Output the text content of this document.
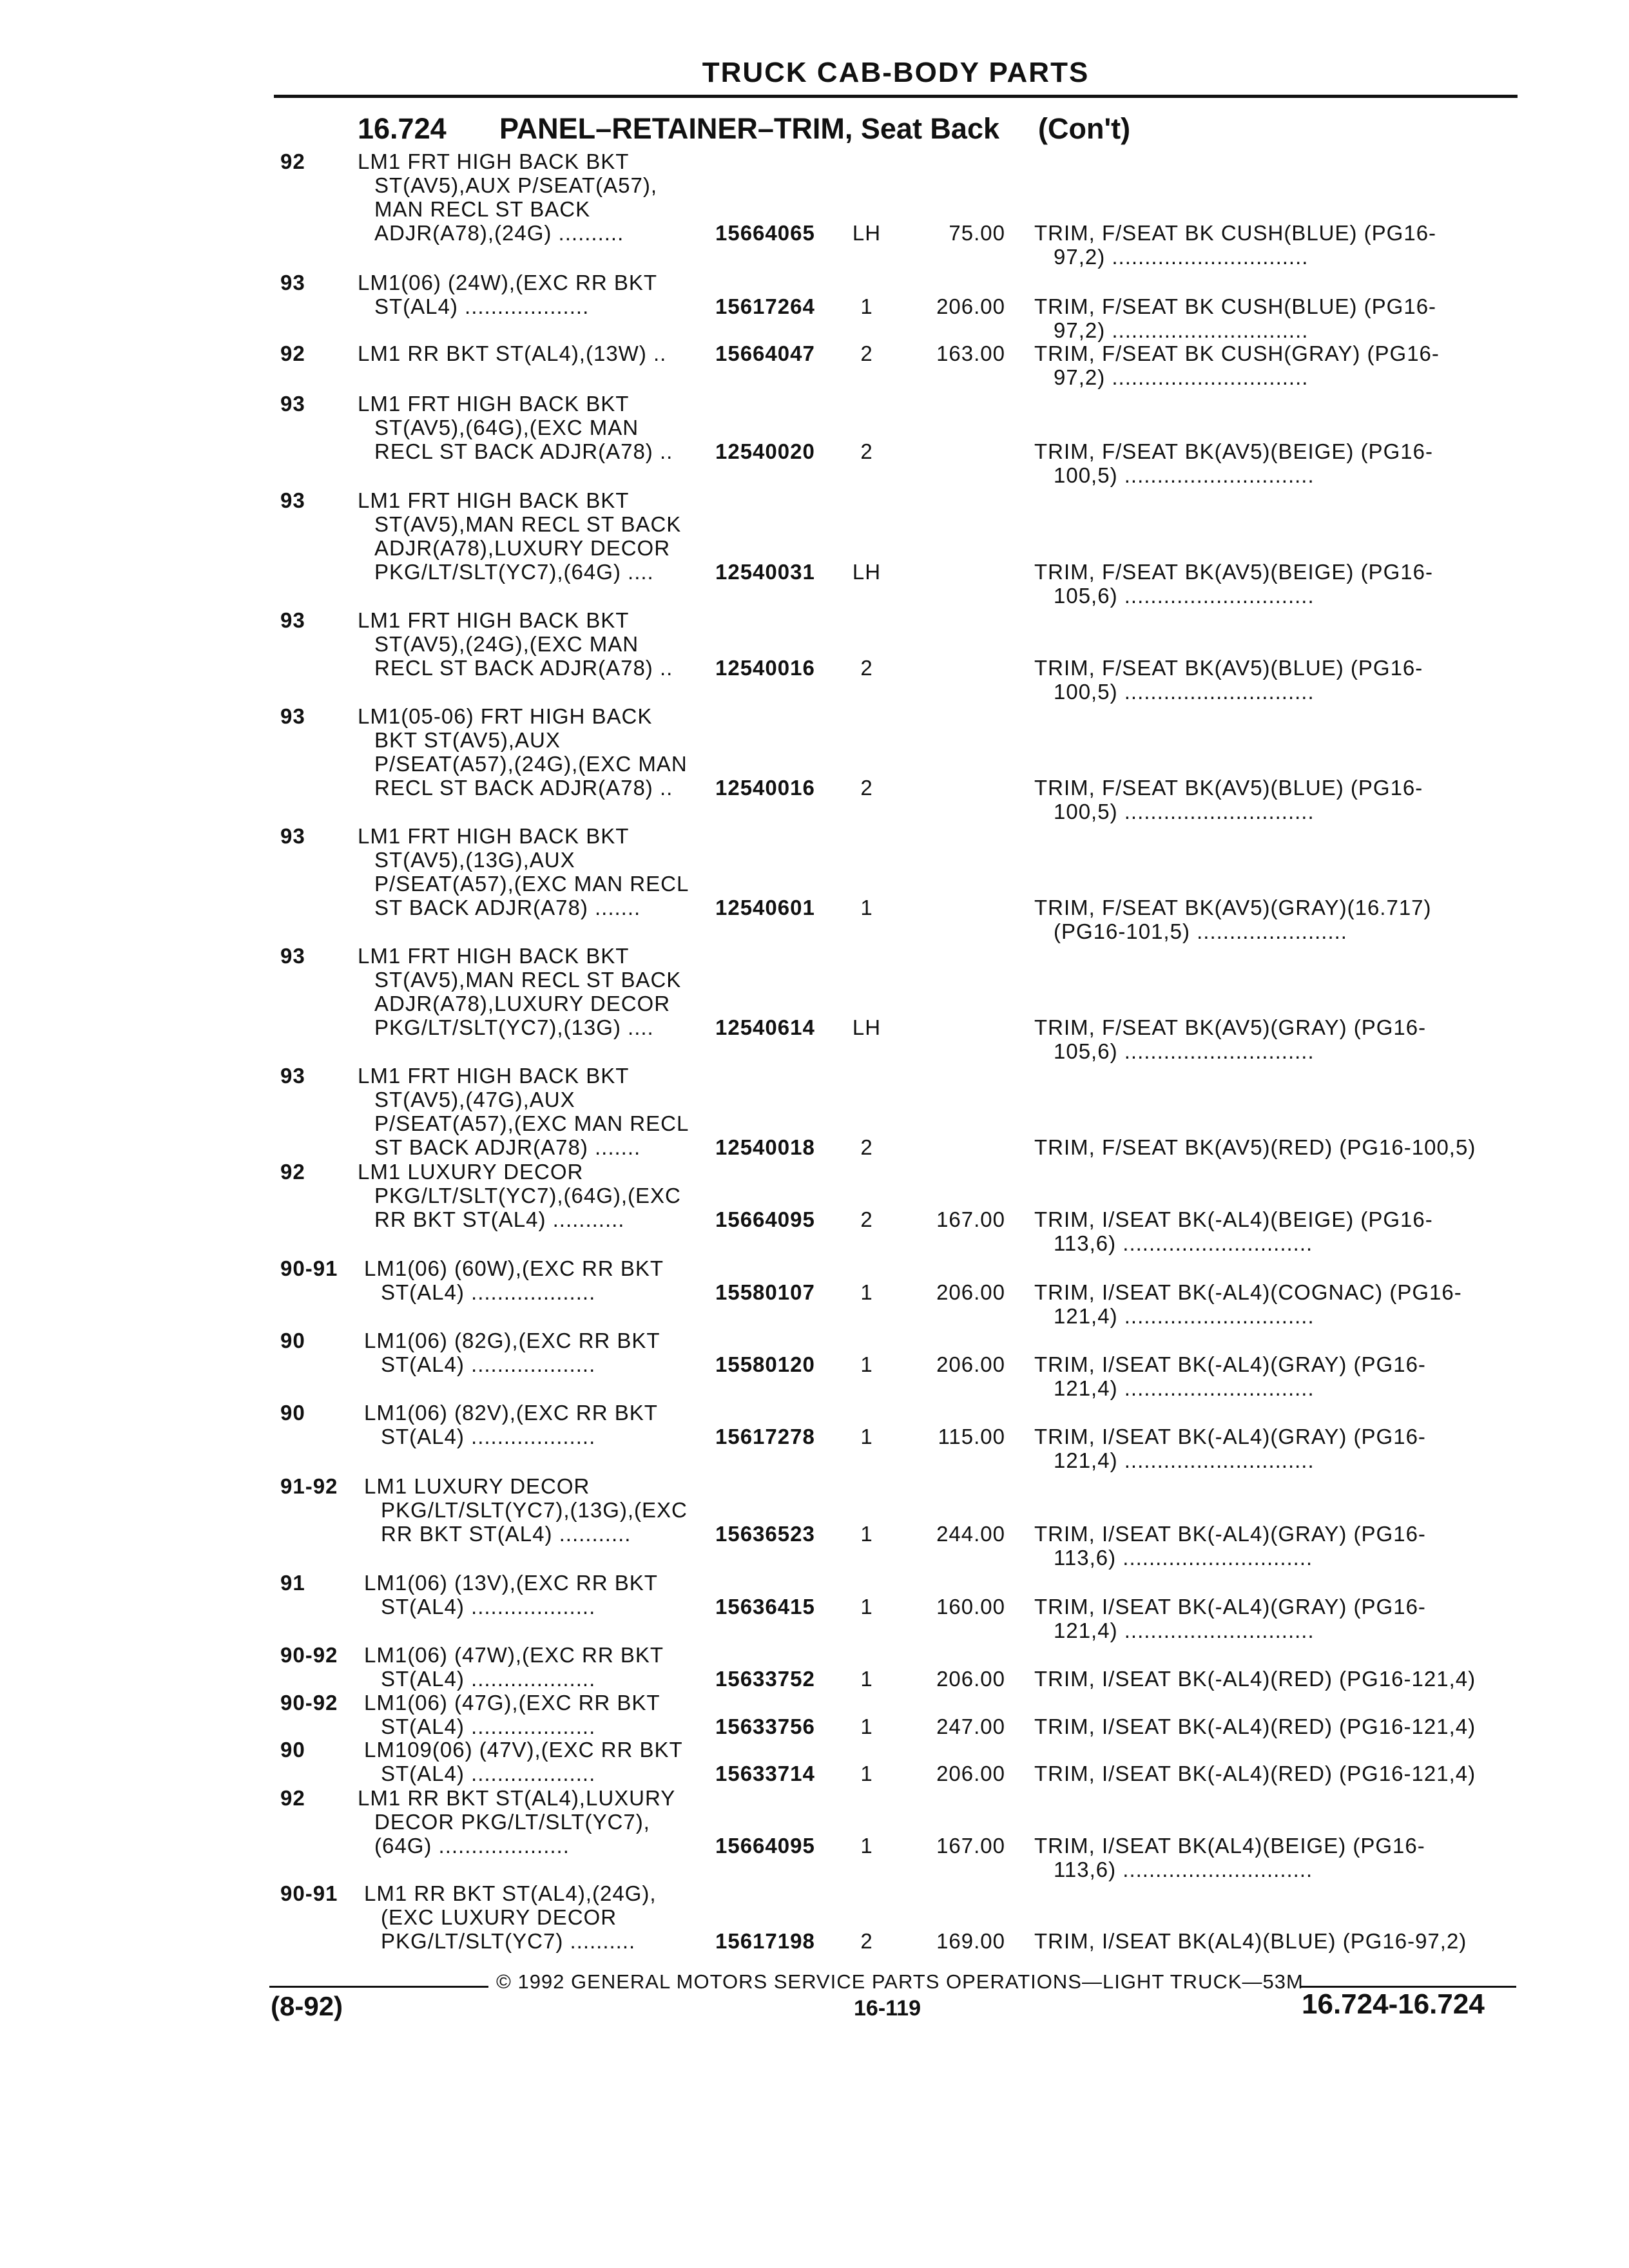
TRUCK CAB-BODY PARTS
16.724 PANEL–RETAINER–TRIM, Seat Back (Con't)
92 LM1 FRT HIGH BACK BKT
ST(AV5),AUX P/SEAT(A57),
MAN RECL ST BACK
ADJR(A78),(24G) ..........	15664065	LH	75.00 TRIM, F/SEAT BK CUSH(BLUE) (PG16-
97,2) ..............................
93 LM1(06) (24W),(EXC RR BKT
ST(AL4) ...................	15617264	1	206.00 TRIM, F/SEAT BK CUSH(BLUE) (PG16-
97,2) ..............................
92 LM1 RR BKT ST(AL4),(13W) ..	15664047	2	163.00 TRIM, F/SEAT BK CUSH(GRAY) (PG16-
97,2) ..............................
93 LM1 FRT HIGH BACK BKT
ST(AV5),(64G),(EXC MAN
RECL ST BACK ADJR(A78) ..	12540020	2	TRIM, F/SEAT BK(AV5)(BEIGE) (PG16-
100,5) .............................
93 LM1 FRT HIGH BACK BKT
ST(AV5),MAN RECL ST BACK
ADJR(A78),LUXURY DECOR
PKG/LT/SLT(YC7),(64G) ....	12540031	LH	TRIM, F/SEAT BK(AV5)(BEIGE) (PG16-
105,6) .............................
93 LM1 FRT HIGH BACK BKT
ST(AV5),(24G),(EXC MAN
RECL ST BACK ADJR(A78) ..	12540016	2	TRIM, F/SEAT BK(AV5)(BLUE) (PG16-
100,5) .............................
93 LM1(05-06) FRT HIGH BACK
BKT ST(AV5),AUX
P/SEAT(A57),(24G),(EXC MAN
RECL ST BACK ADJR(A78) ..	12540016	2	TRIM, F/SEAT BK(AV5)(BLUE) (PG16-
100,5) .............................
93 LM1 FRT HIGH BACK BKT
ST(AV5),(13G),AUX
P/SEAT(A57),(EXC MAN RECL
ST BACK ADJR(A78) .......	12540601	1	TRIM, F/SEAT BK(AV5)(GRAY)(16.717)
(PG16-101,5) .......................
93 LM1 FRT HIGH BACK BKT
ST(AV5),MAN RECL ST BACK
ADJR(A78),LUXURY DECOR
PKG/LT/SLT(YC7),(13G) ....	12540614	LH	TRIM, F/SEAT BK(AV5)(GRAY) (PG16-
105,6) .............................
93 LM1 FRT HIGH BACK BKT
ST(AV5),(47G),AUX
P/SEAT(A57),(EXC MAN RECL
ST BACK ADJR(A78) .......	12540018	2	TRIM, F/SEAT BK(AV5)(RED) (PG16-100,5)
92 LM1 LUXURY DECOR
PKG/LT/SLT(YC7),(64G),(EXC
RR BKT ST(AL4) ...........	15664095	2	167.00 TRIM, I/SEAT BK(-AL4)(BEIGE) (PG16-
113,6) .............................
90-91 LM1(06) (60W),(EXC RR BKT
ST(AL4) ...................	15580107	1	206.00 TRIM, I/SEAT BK(-AL4)(COGNAC) (PG16-
121,4) .............................
90	LM1(06) (82G),(EXC RR BKT
ST(AL4) ...................	15580120	1	206.00 TRIM, I/SEAT BK(-AL4)(GRAY) (PG16-
121,4) .............................
90	LM1(06) (82V),(EXC RR BKT
ST(AL4) ...................	15617278	1	115.00 TRIM, I/SEAT BK(-AL4)(GRAY) (PG16-
121,4) .............................
91-92 LM1 LUXURY DECOR
PKG/LT/SLT(YC7),(13G),(EXC
RR BKT ST(AL4) ...........	15636523	1	244.00 TRIM, I/SEAT BK(-AL4)(GRAY) (PG16-
113,6) .............................
91	LM1(06) (13V),(EXC RR BKT
ST(AL4) ...................	15636415	1	160.00 TRIM, I/SEAT BK(-AL4)(GRAY) (PG16-
121,4) .............................
90-92 LM1(06) (47W),(EXC RR BKT
ST(AL4) ...................	15633752	1	206.00 TRIM, I/SEAT BK(-AL4)(RED) (PG16-121,4)
90-92 LM1(06) (47G),(EXC RR BKT
ST(AL4) ...................	15633756	1	247.00 TRIM, I/SEAT BK(-AL4)(RED) (PG16-121,4)
90	LM109(06) (47V),(EXC RR BKT
ST(AL4) ...................	15633714	1	206.00 TRIM, I/SEAT BK(-AL4)(RED) (PG16-121,4)
92 LM1 RR BKT ST(AL4),LUXURY
DECOR PKG/LT/SLT(YC7),
(64G) ....................	15664095	1	167.00 TRIM, I/SEAT BK(AL4)(BEIGE) (PG16-
113,6) .............................
90-91 LM1 RR BKT ST(AL4),(24G),
(EXC LUXURY DECOR
PKG/LT/SLT(YC7) ..........	15617198	2	169.00 TRIM, I/SEAT BK(AL4)(BLUE) (PG16-97,2)
© 1992 GENERAL MOTORS SERVICE PARTS OPERATIONS—LIGHT TRUCK—53M
(8-92)	16-119	16.724-16.724
